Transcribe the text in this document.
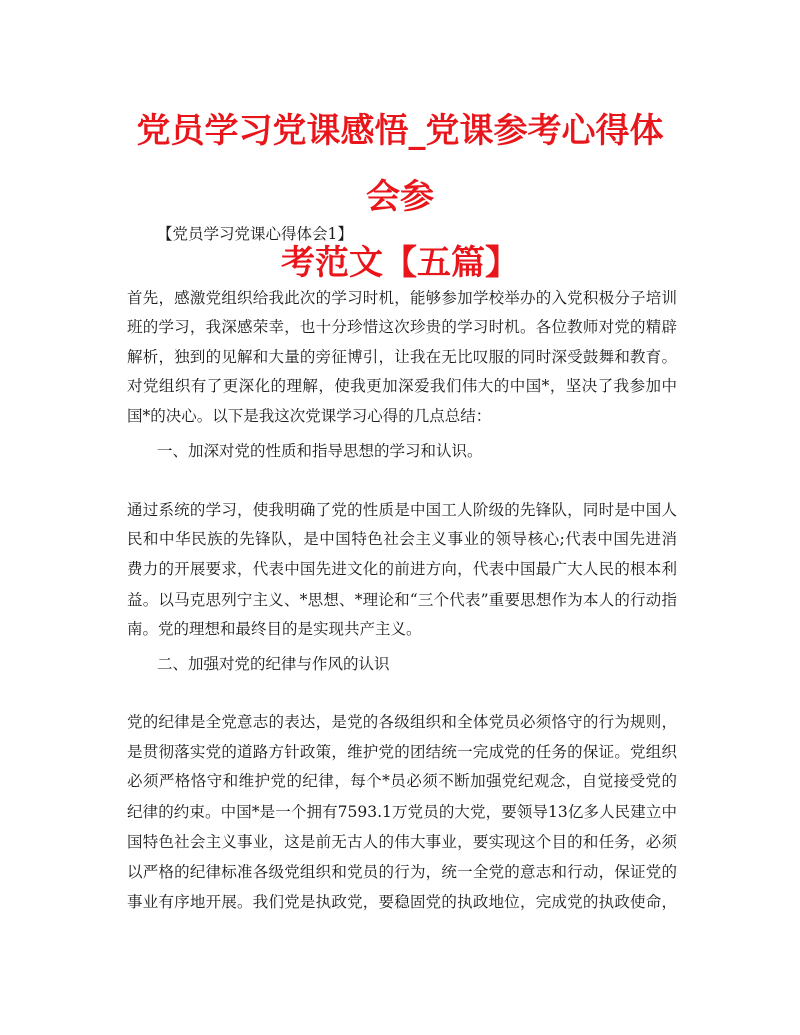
党员学习党课感悟_党课参考心得体会参
考范文【五篇】

【党员学习党课心得体会1】

首先，感激党组织给我此次的学习时机，能够参加学校举办的入党积极分子培训

班的学习，我深感荣幸，也十分珍惜这次珍贵的学习时机。各位教师对党的精辟

解析，独到的见解和大量的旁征博引，让我在无比叹服的同时深受鼓舞和教育。

对党组织有了更深化的理解，使我更加深爱我们伟大的中国*，坚决了我参加中

国*的决心。以下是我这次党课学习心得的几点总结：

一、加深对党的性质和指导思想的学习和认识。

通过系统的学习，使我明确了党的性质是中国工人阶级的先锋队，同时是中国人

民和中华民族的先锋队，是中国特色社会主义事业的领导核心;代表中国先进消

费力的开展要求，代表中国先进文化的前进方向，代表中国最广大人民的根本利

益。以马克思列宁主义、*思想、*理论和“三个代表”重要思想作为本人的行动指

南。党的理想和最终目的是实现共产主义。

二、加强对党的纪律与作风的认识

党的纪律是全党意志的表达，是党的各级组织和全体党员必须恪守的行为规则，

是贯彻落实党的道路方针政策，维护党的团结统一完成党的任务的保证。党组织

必须严格恪守和维护党的纪律，每个*员必须不断加强党纪观念，自觉接受党的

纪律的约束。中国*是一个拥有7593.1万党员的大党，要领导13亿多人民建立中

国特色社会主义事业，这是前无古人的伟大事业，要实现这个目的和任务，必须

以严格的纪律标准各级党组织和党员的行为，统一全党的意志和行动，保证党的

事业有序地开展。我们党是执政党，要稳固党的执政地位，完成党的执政使命，
